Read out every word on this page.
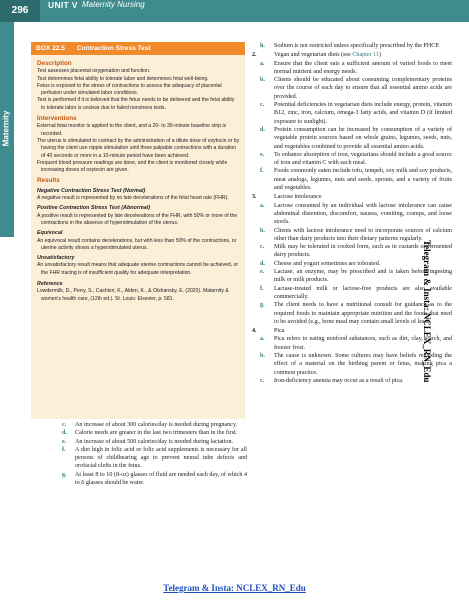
296	UNIT V Maternity Nursing
Maternity
BOX 22.5 Contraction Stress Test
Description

Test assesses placental oxygenation and function.

Test determines fetal ability to tolerate labor and determines fetal well-being.

Fetus is exposed to the stress of contractions to assess the adequacy of placental perfusion under simulated labor conditions.

Test is performed if it is believed that the fetus needs to be delivered and the fetal ability to tolerate labor is unclear due to failed nonstress tests.

Interventions

External fetal monitor is applied to the client, and a 20- to 30-minute baseline strip is recorded.

The uterus is stimulated to contract by the administration of a dilute dose of oxytocin or by having the client use nipple stimulation until three palpable contractions with a duration of 40 seconds or more in a 10-minute period have been achieved.

Frequent blood pressure readings are done, and the client is monitored closely while increasing doses of oxytocin are given.

Results
Negative Contraction Stress Test (Normal)

A negative result is represented by no late decelerations of the fetal heart rate (FHR).

Positive Contraction Stress Test (Abnormal)

A positive result is represented by late decelerations of the FHR, with 50% or more of the contractions in the absence of hyperstimulation of the uterus.

Equivocal

An equivocal result contains decelerations, but with less than 50% of the contractions, or uterine activity shows a hyperstimulated uterus.

Unsatisfactory

An unsatisfactory result means that adequate uterine contractions cannot be achieved, or the FHR tracing is of insufficient quality for adequate interpretation.

Reference

Lowdermilk, D., Perry, S., Cashion, K., Alden, K., & Olshansky, E. (2020). Maternity & women's health care, (12th ed.). St. Louis: Elsevier, p. 581.

c. An increase of about 300 calories/day is needed during pregnancy.

d. Calorie needs are greater in the last two trimesters than in the first.

e. An increase of about 500 calories/day is needed during lactation.

f. A diet high in folic acid or folic acid supplements is necessary for all persons of childbearing age to prevent neural tube defects and orofacial clefts in the fetus.

g. At least 8 to 10 (8-oz) glasses of fluid are needed each day, of which 4 to 6 glasses should be water.

h. Sodium is not restricted unless specifically prescribed by the PHCP.

2.	Vegan and vegetarian diets (see Chapter 11)

a. Ensure that the client eats a sufficient amount of varied foods to meet normal nutrient and energy needs.

b. Clients should be educated about consuming complementary proteins over the course of each day to ensure that all essential amino acids are provided.

c. Potential deficiencies in vegetarian diets include energy, protein, vitamin B12, zinc, iron, calcium, omega-3 fatty acids, and vitamin D (if limited exposure to sunlight).

d. Protein consumption can be increased by consumption of a variety of vegetable protein sources based on whole grains, legumes, seeds, nuts, and vegetables combined to provide all essential amino acids.

e. To enhance absorption of iron, vegetarians should include a good source of iron and vitamin C with each meal.

f. Foods commonly eaten include tofu, tempeh, soy milk and soy products, meat analogs, legumes, nuts and seeds, sprouts, and a variety of fruits and vegetables.

3.	Lactose intolerance

a. Lactose consumed by an individual with lactose intolerance can cause abdominal distention, discomfort, nausea, vomiting, cramps, and loose stools.

b. Clients with lactose intolerance need to incorporate sources of calcium other than dairy products into their dietary patterns regularly.

c. Milk may be tolerated in cooked form, such as in custards or fermented dairy products.

d. Cheese and yogurt sometimes are tolerated.

e. Lactase, an enzyme, may be prescribed and is taken before ingesting milk or milk products.

f. Lactase-treated milk or lactose-free products are also available commercially.

g. The client needs to have a nutritional consult for guidance as to the required foods to maintain appropriate nutrition and the foods that need to be avoided (e.g., bone meal may contain small levels of lead).

4.	Pica

a. Pica refers to eating nonfood substances, such as dirt, clay, starch, and freezer frost.

b. The cause is unknown. Some cultures may have beliefs regarding the effect of a material on the birthing parent or fetus, making pica a common practice.

c. Iron-deficiency anemia may occur as a result of pica.	Telegram & Insta: NCLEX_RN_Edu
Telegram & Insta: NCLEX_RN_Edu
